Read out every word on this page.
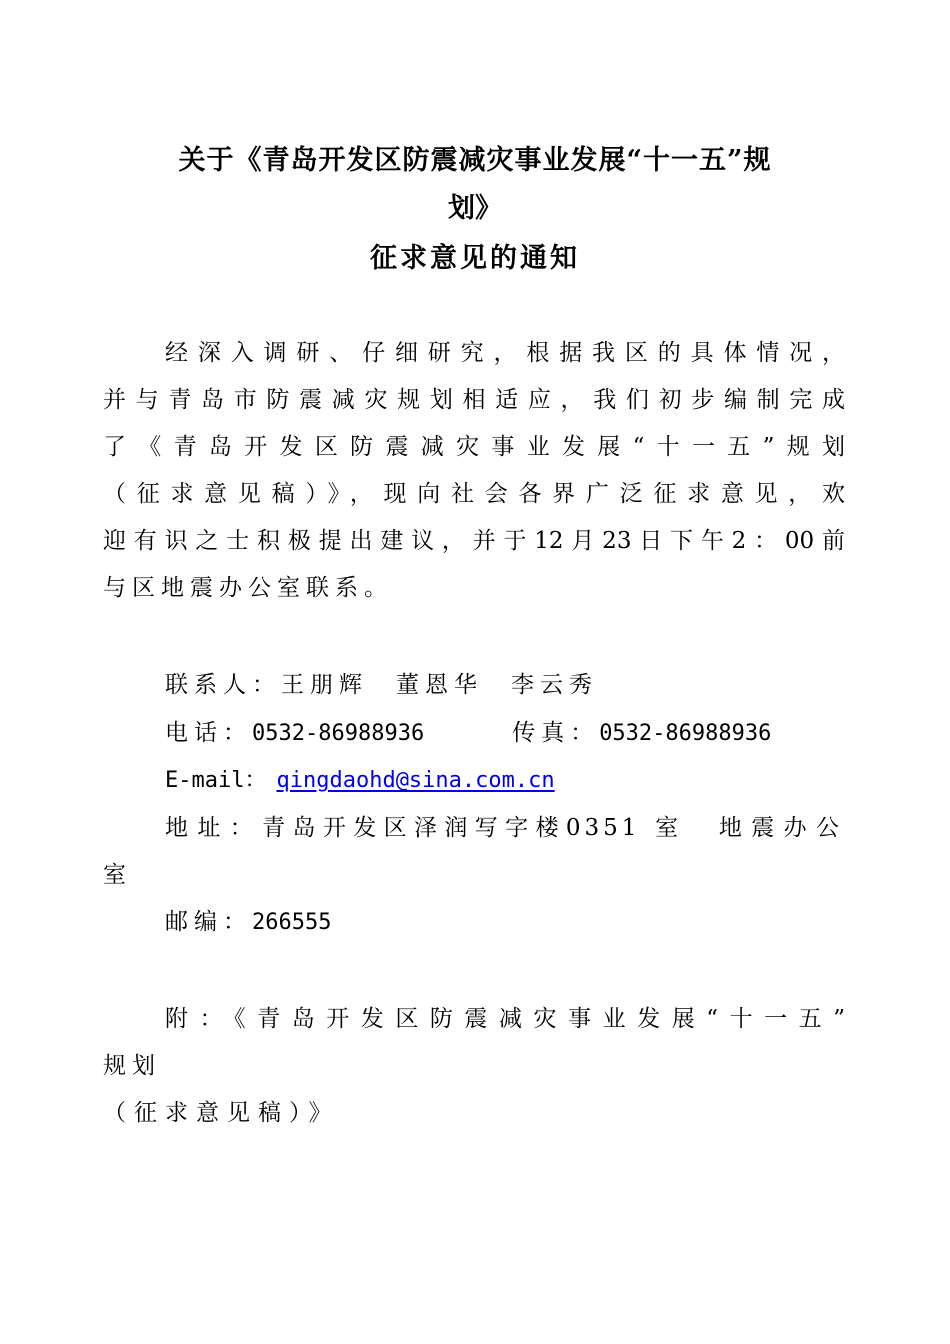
关于《青岛开发区防震减灾事业发展“十一五”规
划》
征求意见的通知
经深入调研、仔细研究，根据我区的具体情况，
并与青岛市防震减灾规划相适应，我们初步编制完成
了《青岛开发区防震减灾事业发展“十一五”规划
（征求意见稿）》，现向社会各界广泛征求意见，欢
迎有识之士积极提出建议，并于12月23日下午2：00前
与区地震办公室联系。
联系人：王朋辉 董恩华 李云秀
电话：0532-86988936	传真：0532-86988936
E-mail： qingdaohd@sina.com.cn
地址：青岛开发区泽润写字楼0351 室 地震办公
室
邮编：266555
附：《青岛开发区防震减灾事业发展“十一五”
规划
（征求意见稿）》
